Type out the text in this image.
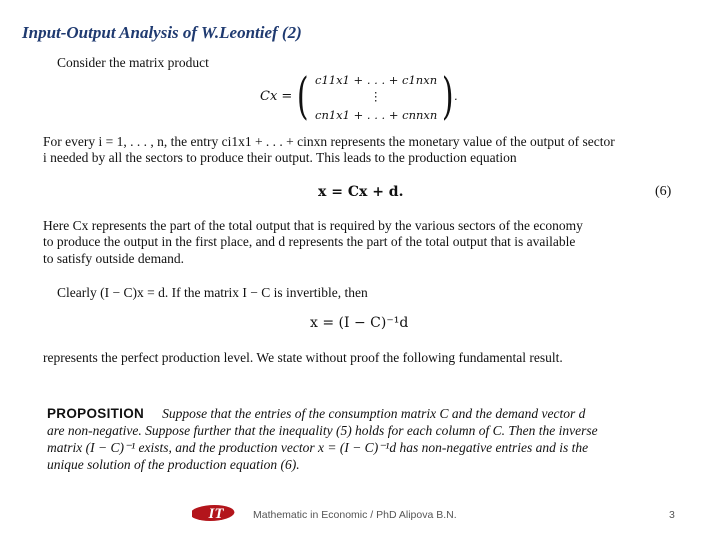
Input-Output Analysis of W.Leontief (2)
Consider the matrix product
Cx = ( c11x1 + . . . + c1nxn
⋮
cn1x1 + . . . + cnnxn ) .
For every i = 1, . . . , n, the entry ci1x1 + . . . + cinxn represents the monetary value of the output of sector
i needed by all the sectors to produce their output. This leads to the production equation
x = Cx + d.	(6)
Here Cx represents the part of the total output that is required by the various sectors of the economy
to produce the output in the first place, and d represents the part of the total output that is available
to satisfy outside demand.
Clearly (I − C)x = d. If the matrix I − C is invertible, then
x = (I − C)⁻¹d
represents the perfect production level. We state without proof the following fundamental result.
PROPOSITION Suppose that the entries of the consumption matrix C and the demand vector d
are non-negative. Suppose further that the inequality (5) holds for each column of C. Then the inverse
matrix (I − C)⁻¹ exists, and the production vector x = (I − C)⁻¹d has non-negative entries and is the
unique solution of the production equation (6).
IT	Mathematic in Economic / PhD Alipova B.N.	3
